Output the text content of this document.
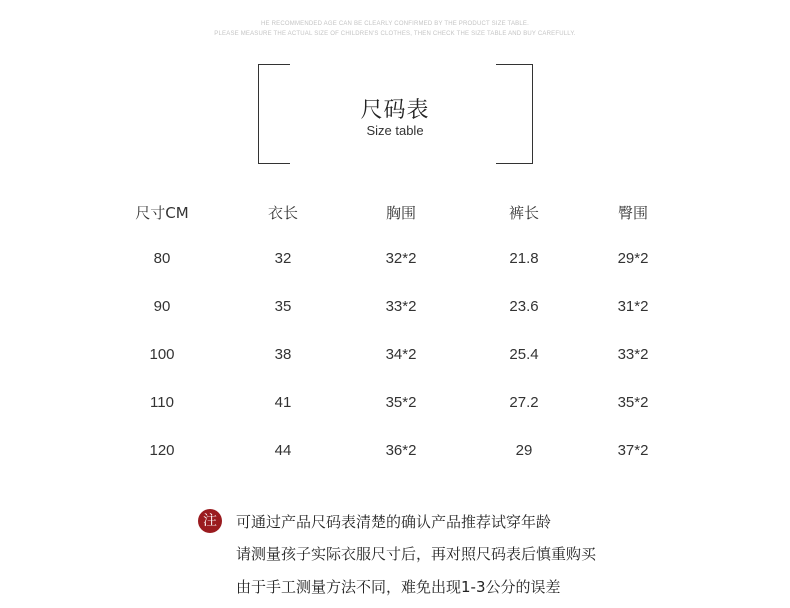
HE RECOMMENDED AGE CAN BE CLEARLY CONFIRMED BY THE PRODUCT SIZE TABLE.
PLEASE MEASURE THE ACTUAL SIZE OF CHILDREN'S CLOTHES, THEN CHECK THE SIZE TABLE AND BUY CAREFULLY.
尺码表
Size table
尺寸CM	衣长	胸围	裤长	臀围
80	32	32*2	21.8	29*2
90	35	33*2	23.6	31*2
100	38	34*2	25.4	33*2
110	41	35*2	27.2	35*2
120	44	36*2	29	37*2
注	可通过产品尺码表清楚的确认产品推荐试穿年龄
请测量孩子实际衣服尺寸后，再对照尺码表后慎重购买
由于手工测量方法不同，难免出现1-3公分的误差
